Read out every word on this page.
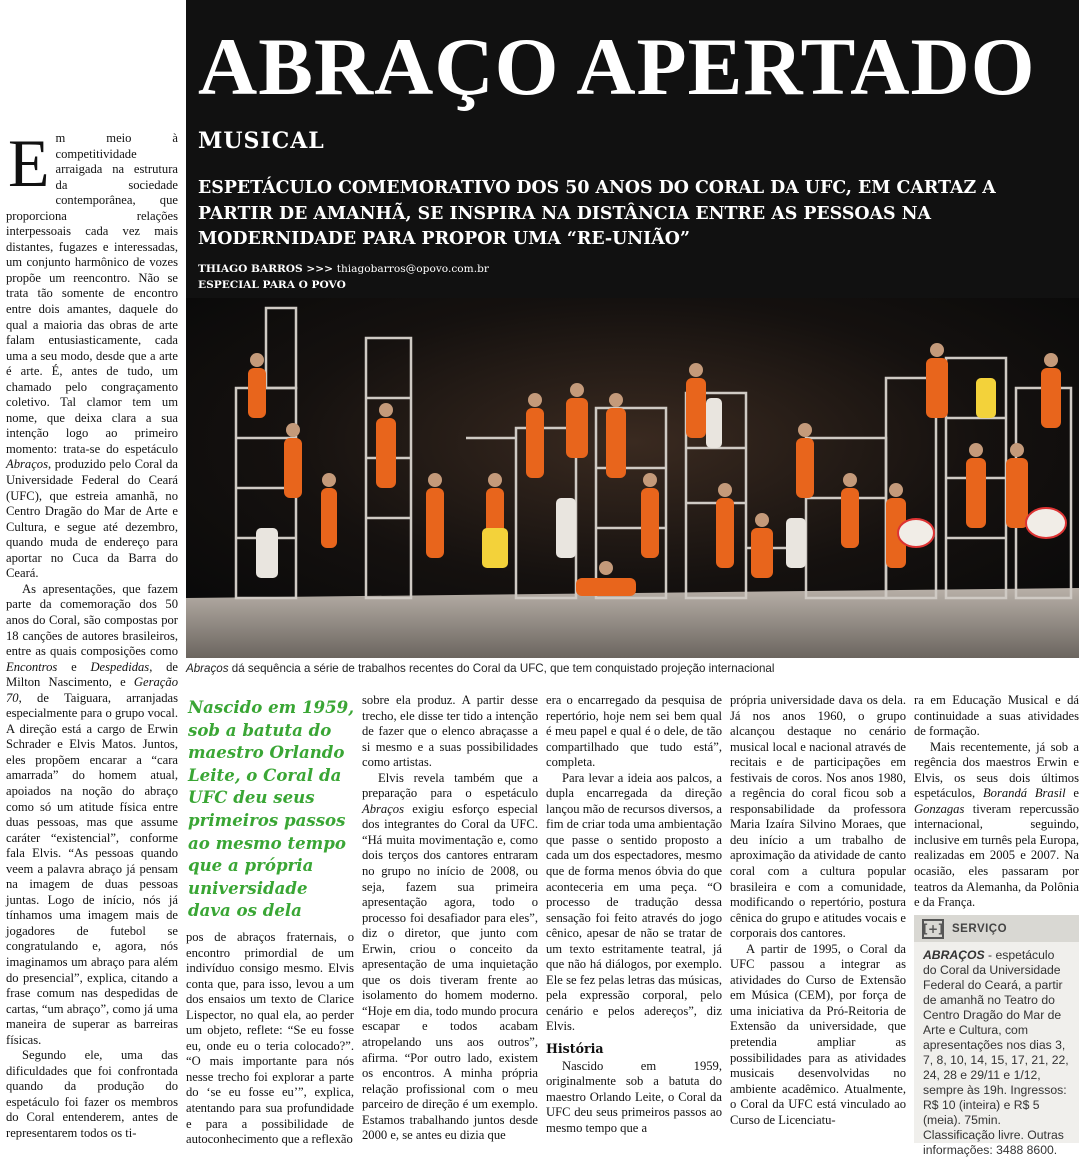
Em meio à competitividade arraigada na estrutura da sociedade contemporânea, que proporciona relações interpessoais cada vez mais distantes, fugazes e interessadas, um conjunto harmônico de vozes propõe um reencontro. Não se trata tão somente de encontro entre dois amantes, daquele do qual a maioria das obras de arte falam entusiasticamente, cada uma a seu modo, desde que a arte é arte. É, antes de tudo, um chamado pelo congraçamento coletivo. Tal clamor tem um nome, que deixa clara a sua intenção logo ao primeiro momento: trata-se do espetáculo Abraços, produzido pelo Coral da Universidade Federal do Ceará (UFC), que estreia amanhã, no Centro Dragão do Mar de Arte e Cultura, e segue até dezembro, quando muda de endereço para aportar no Cuca da Barra do Ceará.

As apresentações, que fazem parte da comemoração dos 50 anos do Coral, são compostas por 18 canções de autores brasileiros, entre as quais composições como Encontros e Despedidas, de Milton Nascimento, e Geração 70, de Taiguara, arranjadas especialmente para o grupo vocal. A direção está a cargo de Erwin Schrader e Elvis Matos. Juntos, eles propõem encarar a “cara amarrada” do homem atual, apoiados na noção do abraço como só um atitude física entre duas pessoas, mas que assume caráter “existencial”, conforme fala Elvis. “As pessoas quando veem a palavra abraço já pensam na imagem de duas pessoas juntas. Logo de início, nós já tínhamos uma imagem mais de jogadores de futebol se congratulando e, agora, nós imaginamos um abraço para além do presencial”, explica, citando a frase comum nas despedidas de cartas, “um abraço”, como já uma maneira de superar as barreiras físicas.

Segundo ele, uma das dificuldades que foi confrontada quando da produção do espetáculo foi fazer os membros do Coral entenderem, antes de representarem todos os ti-

ABRAÇO APERTADO
MUSICAL
ESPETÁCULO COMEMORATIVO DOS 50 ANOS DO CORAL DA UFC, EM CARTAZ A PARTIR DE AMANHÃ, SE INSPIRA NA DISTÂNCIA ENTRE AS PESSOAS NA MODERNIDADE PARA PROPOR UMA “RE-UNIÃO”
THIAGO BARROS >>> thiagobarros@opovo.com.br
ESPECIAL PARA O POVO
Abraços dá sequência a série de trabalhos recentes do Coral da UFC, que tem conquistado projeção internacional
Nascido em 1959, sob a batuta do maestro Orlando Leite, o Coral da UFC deu seus primeiros passos ao mesmo tempo que a própria universidade dava os dela

pos de abraços fraternais, o encontro primordial de um indivíduo consigo mesmo. Elvis conta que, para isso, levou a um dos ensaios um texto de Clarice Lispector, no qual ela, ao perder um objeto, reflete: “Se eu fosse eu, onde eu o teria colocado?”. “O mais importante para nós nesse trecho foi explorar a parte do ‘se eu fosse eu’”, explica, atentando para sua profundidade e para a possibilidade de autoconhecimento que a reflexão

sobre ela produz. A partir desse trecho, ele disse ter tido a intenção de fazer que o elenco abraçasse a si mesmo e a suas possibilidades como artistas.

Elvis revela também que a preparação para o espetáculo Abraços exigiu esforço especial dos integrantes do Coral da UFC. “Há muita movimentação e, como dois terços dos cantores entraram no grupo no início de 2008, ou seja, fazem sua primeira apresentação agora, todo o processo foi desafiador para eles”, diz o diretor, que junto com Erwin, criou o conceito da apresentação de uma inquietação que os dois tiveram frente ao isolamento do homem moderno. “Hoje em dia, todo mundo procura escapar e todos acabam atropelando uns aos outros”, afirma. “Por outro lado, existem os encontros. A minha própria relação profissional com o meu parceiro de direção é um exemplo. Estamos trabalhando juntos desde 2000 e, se antes eu dizia que

era o encarregado da pesquisa de repertório, hoje nem sei bem qual é meu papel e qual é o dele, de tão compartilhado que tudo está”, completa.

Para levar a ideia aos palcos, a dupla encarregada da direção lançou mão de recursos diversos, a fim de criar toda uma ambientação que passe o sentido proposto a cada um dos espectadores, mesmo que de forma menos óbvia do que aconteceria em uma peça. “O processo de tradução dessa sensação foi feito através do jogo cênico, apesar de não se tratar de um texto estritamente teatral, já que não há diálogos, por exemplo. Ele se fez pelas letras das músicas, pela expressão corporal, pelo cenário e pelos adereços”, diz Elvis.

História

Nascido em 1959, originalmente sob a batuta do maestro Orlando Leite, o Coral da UFC deu seus primeiros passos ao mesmo tempo que a

própria universidade dava os dela. Já nos anos 1960, o grupo alcançou destaque no cenário musical local e nacional através de recitais e de participações em festivais de coros. Nos anos 1980, a regência do coral ficou sob a responsabilidade da professora Maria Izaíra Silvino Moraes, que deu início a um trabalho de aproximação da atividade de canto coral com a cultura popular brasileira e com a comunidade, modificando o repertório, postura cênica do grupo e atitudes vocais e corporais dos cantores.

A partir de 1995, o Coral da UFC passou a integrar as atividades do Curso de Extensão em Música (CEM), por força de uma iniciativa da Pró-Reitoria de Extensão da universidade, que pretendia ampliar as possibilidades para as atividades musicais desenvolvidas no ambiente acadêmico. Atualmente, o Coral da UFC está vinculado ao Curso de Licenciatu-

ra em Educação Musical e dá continuidade a suas atividades de formação.

Mais recentemente, já sob a regência dos maestros Erwin e Elvis, os seus dois últimos espetáculos, Borandá Brasil e Gonzagas tiveram repercussão internacional, seguindo, inclusive em turnês pela Europa, realizadas em 2005 e 2007. Na ocasião, eles passaram por teatros da Alemanha, da Polônia e da França.

[+] SERVIÇO
ABRAÇOS - espetáculo do Coral da Universidade Federal do Ceará, a partir de amanhã no Teatro do Centro Dragão do Mar de Arte e Cultura, com apresentações nos dias 3, 7, 8, 10, 14, 15, 17, 21, 22, 24, 28 e 29/11 e 1/12, sempre às 19h. Ingressos: R$ 10 (inteira) e R$ 5 (meia). 75min. Classificação livre. Outras informações: 3488 8600.
